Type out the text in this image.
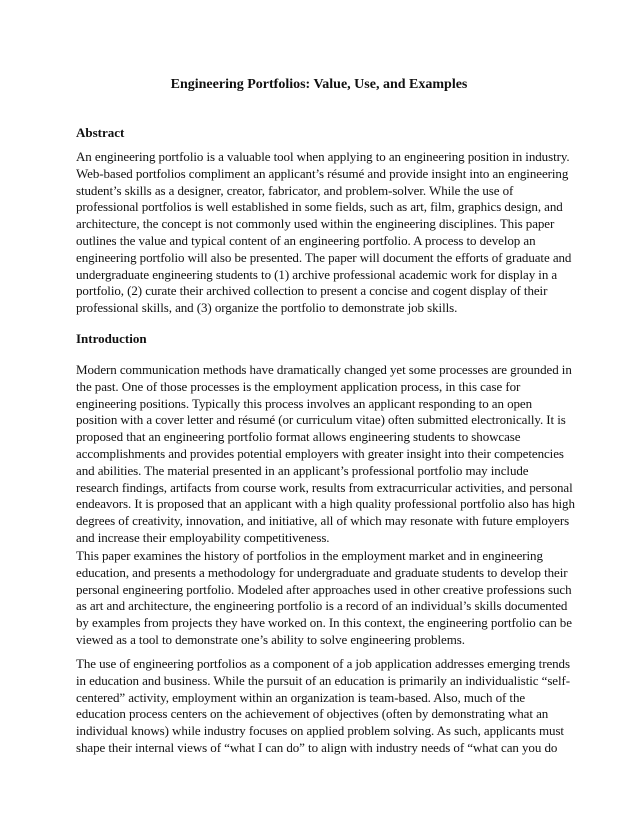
Engineering Portfolios: Value, Use, and Examples
Abstract
An engineering portfolio is a valuable tool when applying to an engineering position in industry.
Web-based portfolios compliment an applicant’s résumé and provide insight into an engineering
student’s skills as a designer, creator, fabricator, and problem-solver. While the use of
professional portfolios is well established in some fields, such as art, film, graphics design, and
architecture, the concept is not commonly used within the engineering disciplines. This paper
outlines the value and typical content of an engineering portfolio. A process to develop an
engineering portfolio will also be presented. The paper will document the efforts of graduate and
undergraduate engineering students to (1) archive professional academic work for display in a
portfolio, (2) curate their archived collection to present a concise and cogent display of their
professional skills, and (3) organize the portfolio to demonstrate job skills.
Introduction
Modern communication methods have dramatically changed yet some processes are grounded in
the past. One of those processes is the employment application process, in this case for
engineering positions. Typically this process involves an applicant responding to an open
position with a cover letter and résumé (or curriculum vitae) often submitted electronically. It is
proposed that an engineering portfolio format allows engineering students to showcase
accomplishments and provides potential employers with greater insight into their competencies
and abilities. The material presented in an applicant’s professional portfolio may include
research findings, artifacts from course work, results from extracurricular activities, and personal
endeavors. It is proposed that an applicant with a high quality professional portfolio also has high
degrees of creativity, innovation, and initiative, all of which may resonate with future employers
and increase their employability competitiveness.
This paper examines the history of portfolios in the employment market and in engineering
education, and presents a methodology for undergraduate and graduate students to develop their
personal engineering portfolio. Modeled after approaches used in other creative professions such
as art and architecture, the engineering portfolio is a record of an individual’s skills documented
by examples from projects they have worked on. In this context, the engineering portfolio can be
viewed as a tool to demonstrate one’s ability to solve engineering problems.
The use of engineering portfolios as a component of a job application addresses emerging trends
in education and business. While the pursuit of an education is primarily an individualistic “self-
centered” activity, employment within an organization is team-based. Also, much of the
education process centers on the achievement of objectives (often by demonstrating what an
individual knows) while industry focuses on applied problem solving. As such, applicants must
shape their internal views of “what I can do” to align with industry needs of “what can you do
